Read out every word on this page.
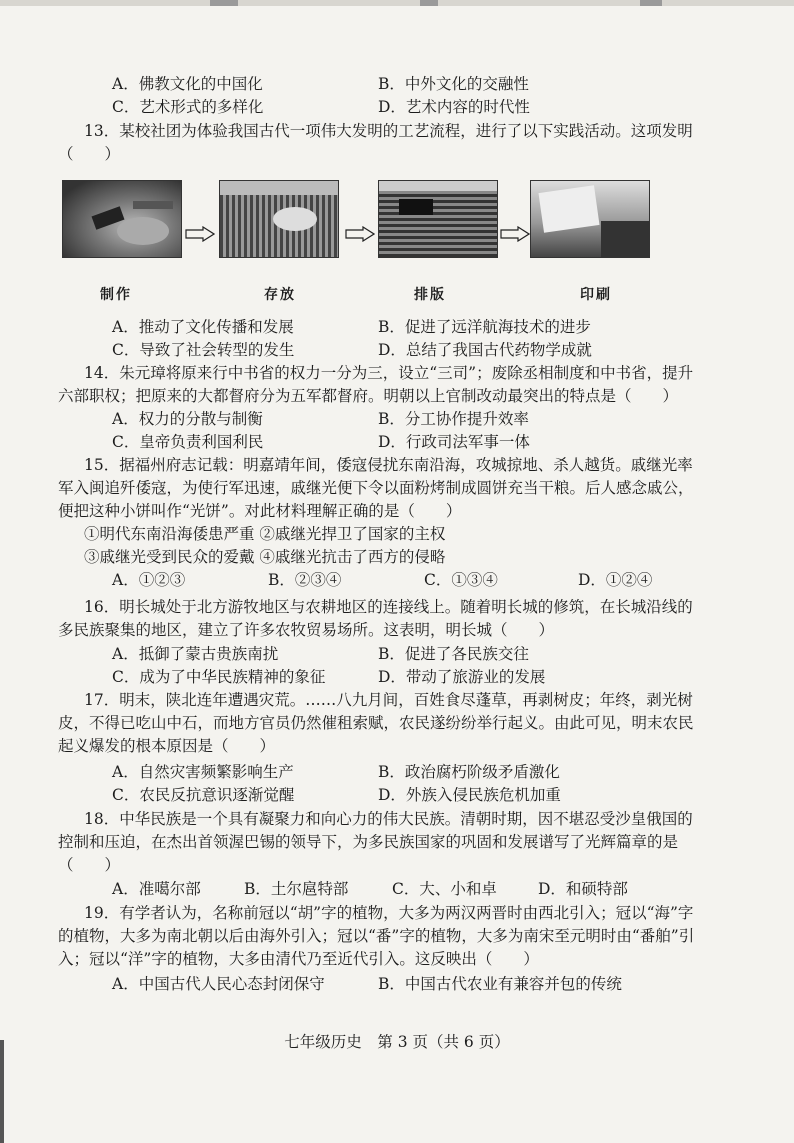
A．佛教文化的中国化	B．中外文化的交融性
C．艺术形式的多样化	D．艺术内容的时代性
13．某校社团为体验我国古代一项伟大发明的工艺流程，进行了以下实践活动。这项发明
（　　）
制作	存放	排版	印刷
A．推动了文化传播和发展	B．促进了远洋航海技术的进步
C．导致了社会转型的发生	D．总结了我国古代药物学成就
14．朱元璋将原来行中书省的权力一分为三，设立“三司”；废除丞相制度和中书省，提升
六部职权；把原来的大都督府分为五军都督府。明朝以上官制改动最突出的特点是（　　）
A．权力的分散与制衡	B．分工协作提升效率
C．皇帝负责利国利民	D．行政司法军事一体
15．据福州府志记载：明嘉靖年间，倭寇侵扰东南沿海，攻城掠地、杀人越货。戚继光率
军入闽追歼倭寇，为使行军迅速，戚继光便下令以面粉烤制成圆饼充当干粮。后人感念戚公，
便把这种小饼叫作“光饼”。对此材料理解正确的是（　　）
①明代东南沿海倭患严重 ②戚继光捍卫了国家的主权
③戚继光受到民众的爱戴 ④戚继光抗击了西方的侵略
A．①②③	B．②③④	C．①③④	D．①②④
16．明长城处于北方游牧地区与农耕地区的连接线上。随着明长城的修筑，在长城沿线的
多民族聚集的地区，建立了许多农牧贸易场所。这表明，明长城（　　）
A．抵御了蒙古贵族南扰	B．促进了各民族交往
C．成为了中华民族精神的象征	D．带动了旅游业的发展
17．明末，陕北连年遭遇灾荒。……八九月间，百姓食尽蓬草，再剥树皮；年终，剥光树
皮，不得已吃山中石，而地方官员仍然催租索赋，农民遂纷纷举行起义。由此可见，明末农民
起义爆发的根本原因是（　　）
A．自然灾害频繁影响生产	B．政治腐朽阶级矛盾激化
C．农民反抗意识逐渐觉醒	D．外族入侵民族危机加重
18．中华民族是一个具有凝聚力和向心力的伟大民族。清朝时期，因不堪忍受沙皇俄国的
控制和压迫，在杰出首领渥巴锡的领导下，为多民族国家的巩固和发展谱写了光辉篇章的是
（　　）
A．准噶尔部	B．土尔扈特部	C．大、小和卓	D．和硕特部
19．有学者认为，名称前冠以“胡”字的植物，大多为两汉两晋时由西北引入；冠以“海”字
的植物，大多为南北朝以后由海外引入；冠以“番”字的植物，大多为南宋至元明时由“番舶”引
入；冠以“洋”字的植物，大多由清代乃至近代引入。这反映出（　　）
A．中国古代人民心态封闭保守	B．中国古代农业有兼容并包的传统
七年级历史　第 3 页（共 6 页）
